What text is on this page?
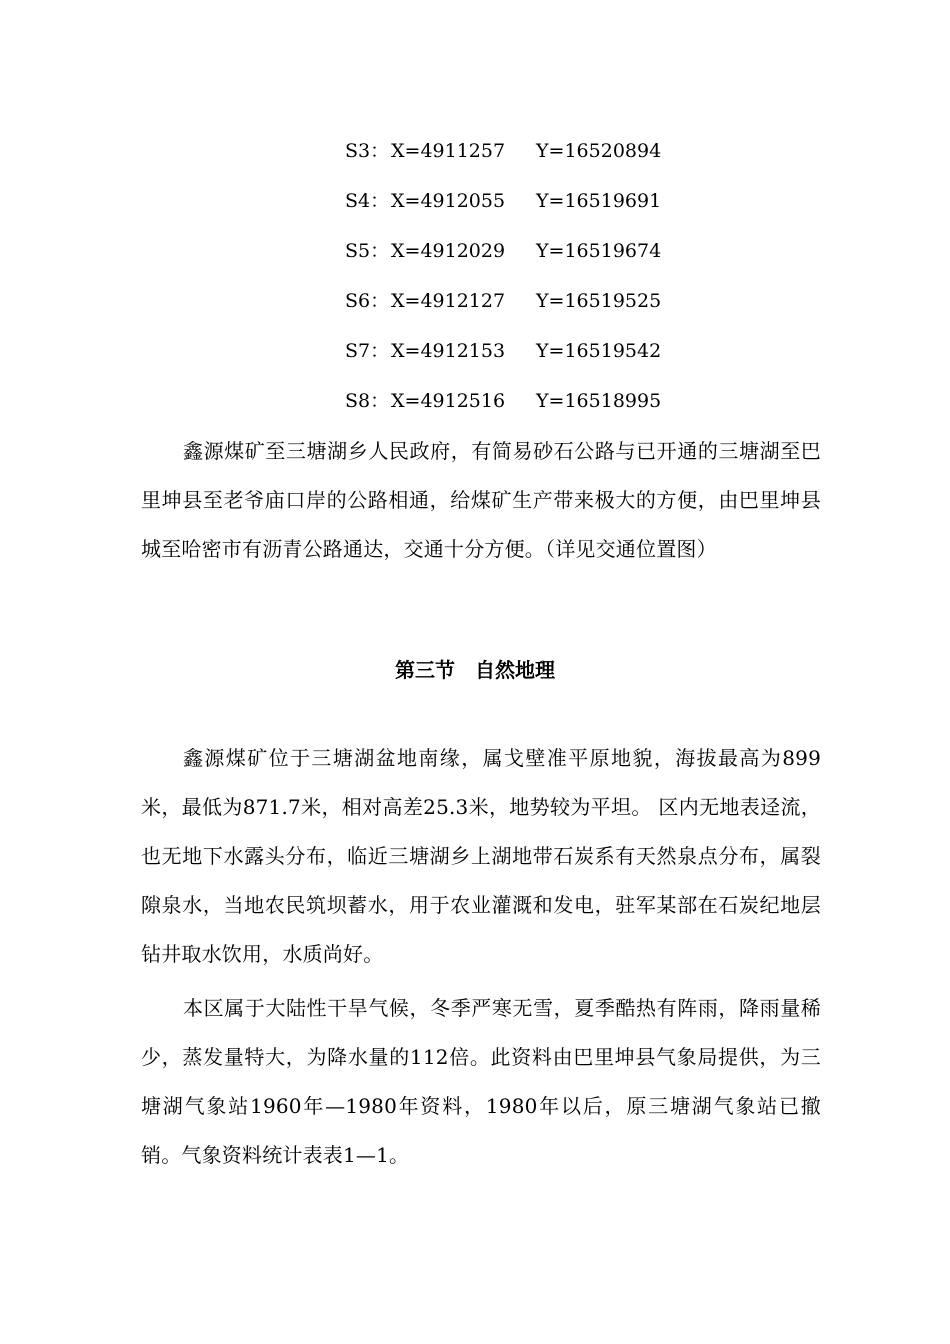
S3： X=4911257 Y=16520894
S4： X=4912055 Y=16519691
S5： X=4912029 Y=16519674
S6： X=4912127 Y=16519525
S7： X=4912153 Y=16519542
S8： X=4912516 Y=16518995

鑫源煤矿至三塘湖乡人民政府，有简易砂石公路与已开通的三塘湖至巴里坤县至老爷庙口岸的公路相通，给煤矿生产带来极大的方便，由巴里坤县城至哈密市有沥青公路通达，交通十分方便。（详见交通位置图）

第三节　自然地理

鑫源煤矿位于三塘湖盆地南缘，属戈壁准平原地貌，海拔最高为899米，最低为871.7米，相对高差25.3米，地势较为平坦。 区内无地表迳流，也无地下水露头分布，临近三塘湖乡上湖地带石炭系有天然泉点分布，属裂隙泉水，当地农民筑坝蓄水，用于农业灌溉和发电，驻军某部在石炭纪地层钻井取水饮用，水质尚好。

本区属于大陆性干旱气候，冬季严寒无雪，夏季酷热有阵雨，降雨量稀少，蒸发量特大，为降水量的112倍。此资料由巴里坤县气象局提供，为三塘湖气象站1960年—1980年资料，1980年以后，原三塘湖气象站已撤销。气象资料统计表表1—1。
